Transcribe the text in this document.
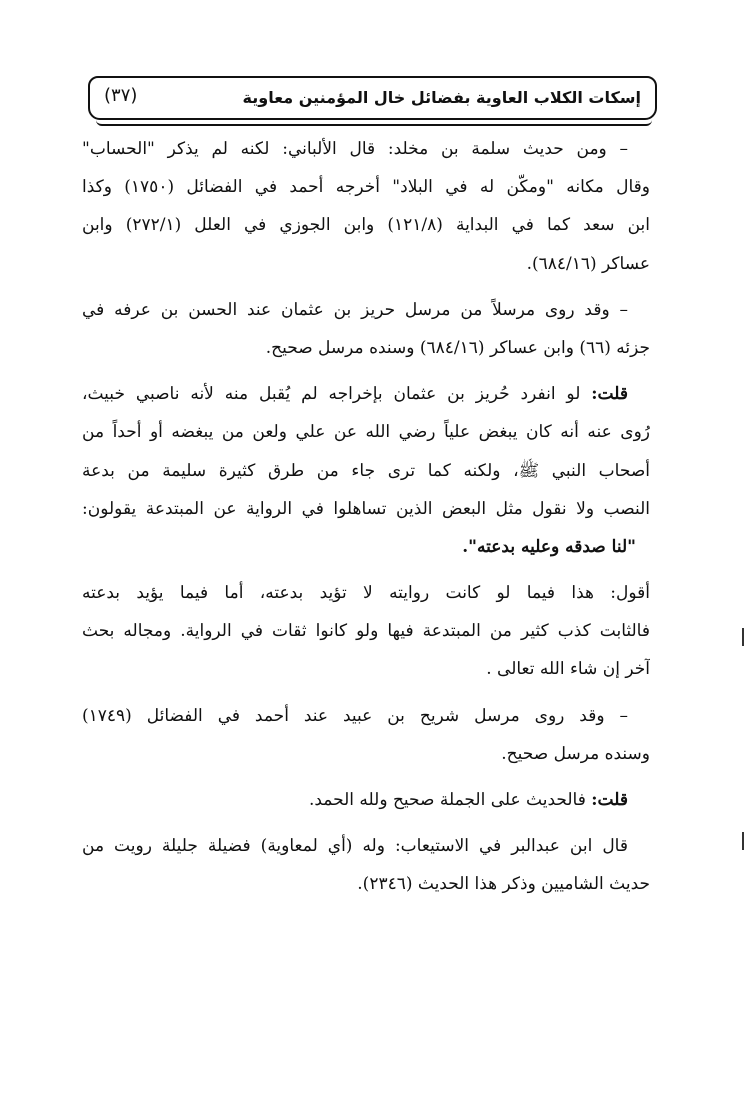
إسكات الكلاب العاوية بفضائل خال المؤمنين معاوية
(٣٧)
– ومن حديث سلمة بن مخلد: قال الألباني: لكنه لم يذكر "الحساب"
وقال مكانه "ومكّن له في البلاد" أخرجه أحمد في الفضائل (١٧٥٠) وكذا
ابن سعد كما في البداية (١٢١/٨) وابن الجوزي في العلل (٢٧٢/١) وابن
عساكر (٦٨٤/١٦).
– وقد روى مرسلاً من مرسل حريز بن عثمان عند الحسن بن عرفه في
جزئه (٦٦) وابن عساكر (٦٨٤/١٦) وسنده مرسل صحيح.
قلت: لو انفرد حُريز بن عثمان بإخراجه لم يُقبل منه لأنه ناصبي خبيث،
رُوى عنه أنه كان يبغض علياً رضي الله عن علي ولعن من يبغضه أو أحداً من
أصحاب النبي ﷺ، ولكنه كما ترى جاء من طرق كثيرة سليمة من بدعة
النصب ولا نقول مثل البعض الذين تساهلوا في الرواية عن المبتدعة يقولون:
"لنا صدقه وعليه بدعته".
أقول: هذا فيما لو كانت روايته لا تؤيد بدعته، أما فيما يؤيد بدعته
فالثابت كذب كثير من المبتدعة فيها ولو كانوا ثقات في الرواية. ومجاله بحث
آخر إن شاء الله تعالى .
– وقد روى مرسل شريح بن عبيد عند أحمد في الفضائل (١٧٤٩)
وسنده مرسل صحيح.
قلت: فالحديث على الجملة صحيح ولله الحمد.
قال ابن عبدالبر في الاستيعاب: وله (أي لمعاوية) فضيلة جليلة رويت من
حديث الشاميين وذكر هذا الحديث (٢٣٤٦).
